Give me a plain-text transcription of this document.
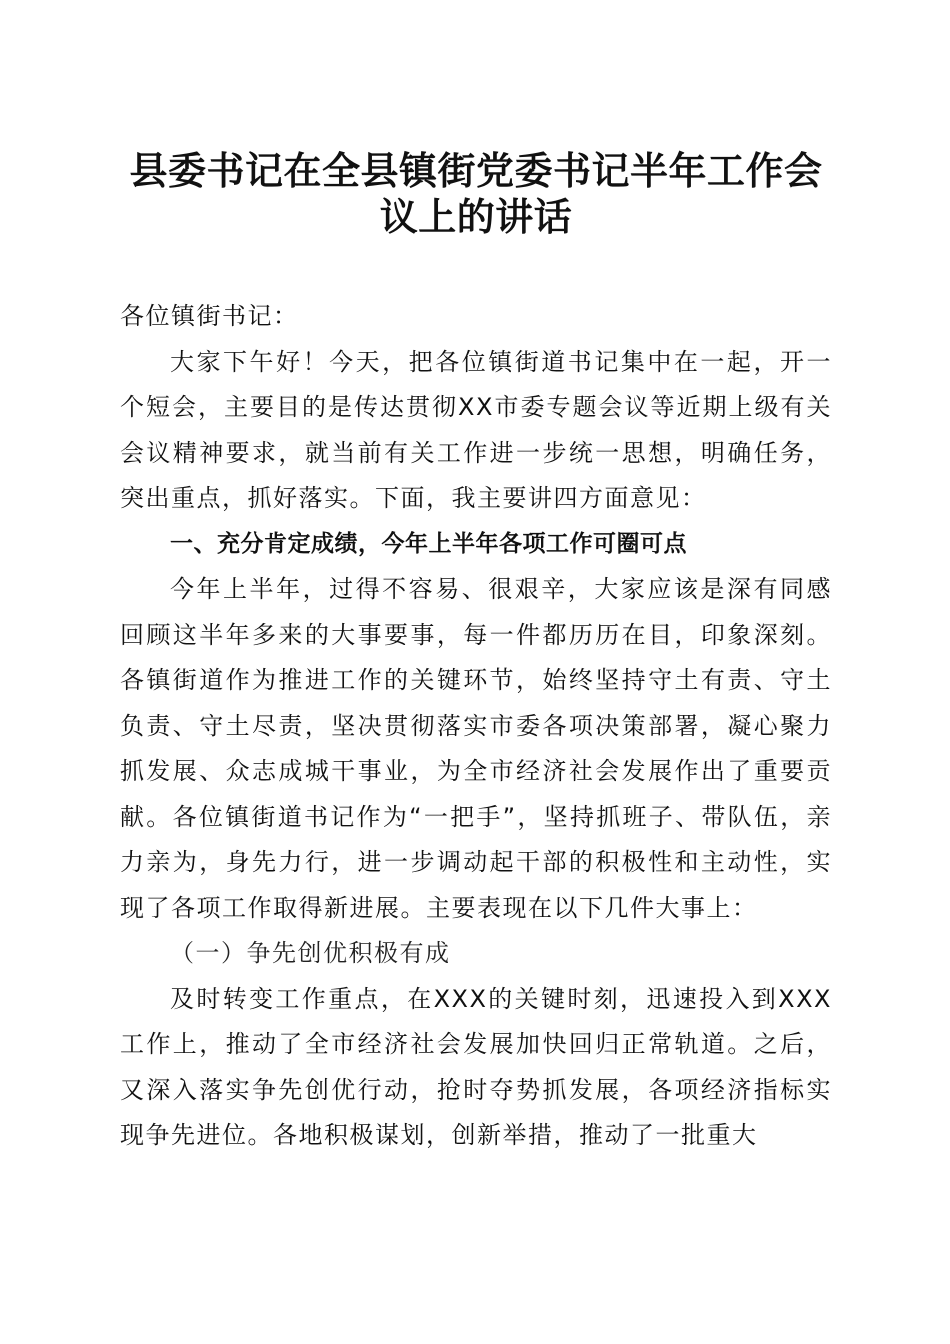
县委书记在全县镇街党委书记半年工作会议上的讲话

各位镇街书记：

大家下午好！今天，把各位镇街道书记集中在一起，开一个短会，主要目的是传达贯彻XX市委专题会议等近期上级有关会议精神要求，就当前有关工作进一步统一思想，明确任务，突出重点，抓好落实。下面，我主要讲四方面意见：

一、充分肯定成绩，今年上半年各项工作可圈可点

今年上半年，过得不容易、很艰辛，大家应该是深有同感回顾这半年多来的大事要事，每一件都历历在目，印象深刻。各镇街道作为推进工作的关键环节，始终坚持守土有责、守土负责、守土尽责，坚决贯彻落实市委各项决策部署，凝心聚力抓发展、众志成城干事业，为全市经济社会发展作出了重要贡献。各位镇街道书记作为“一把手”，坚持抓班子、带队伍，亲力亲为，身先力行，进一步调动起干部的积极性和主动性，实现了各项工作取得新进展。主要表现在以下几件大事上：

（一）争先创优积极有成

及时转变工作重点，在XXX的关键时刻，迅速投入到XXX工作上，推动了全市经济社会发展加快回归正常轨道。之后，又深入落实争先创优行动，抢时夺势抓发展，各项经济指标实现争先进位。各地积极谋划，创新举措，推动了一批重大
